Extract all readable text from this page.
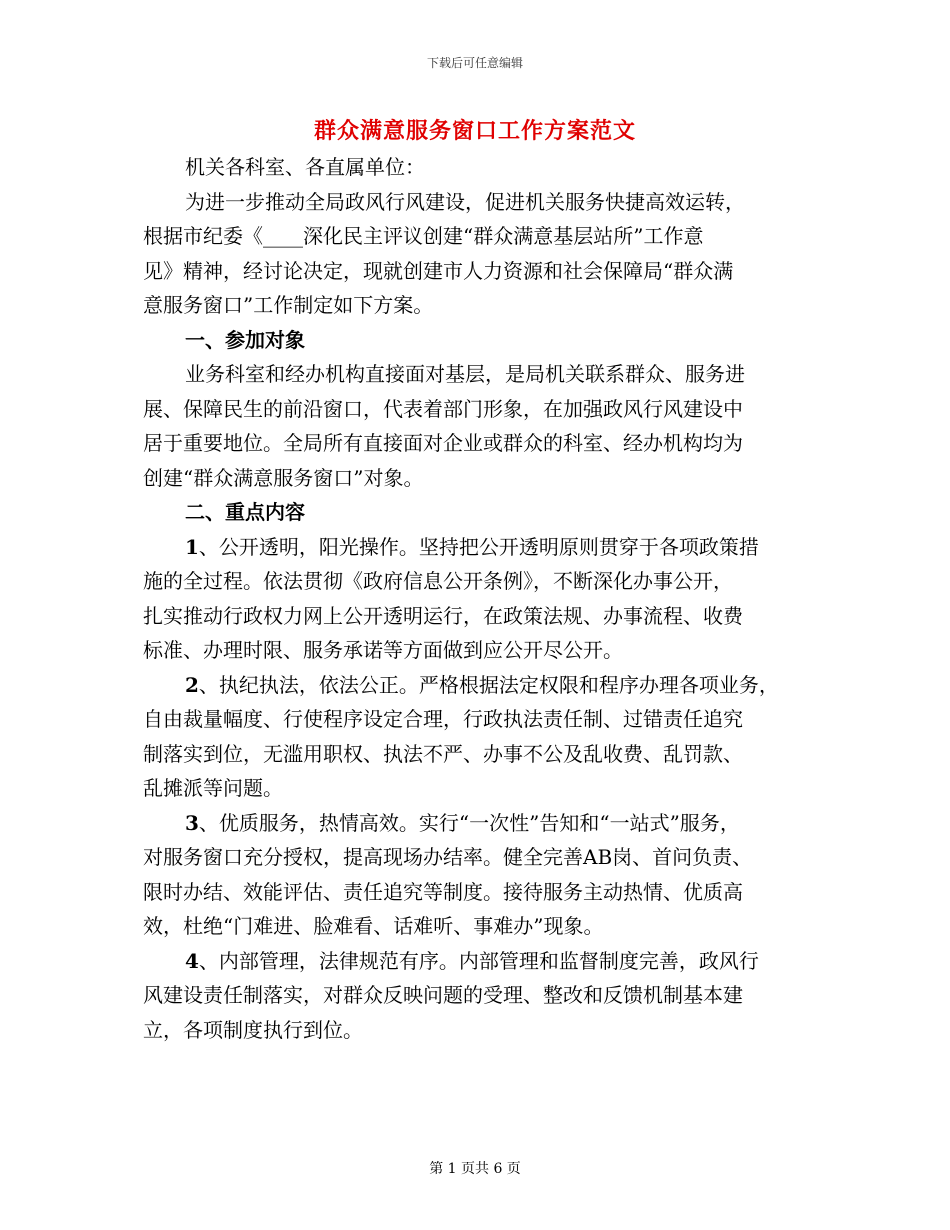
下载后可任意编辑
群众满意服务窗口工作方案范文
机关各科室、各直属单位：
为进一步推动全局政风行风建设，促进机关服务快捷高效运转，
根据市纪委《____深化民主评议创建“群众满意基层站所”工作意
见》精神，经讨论决定，现就创建市人力资源和社会保障局“群众满
意服务窗口”工作制定如下方案。
一、参加对象
业务科室和经办机构直接面对基层，是局机关联系群众、服务进
展、保障民生的前沿窗口，代表着部门形象，在加强政风行风建设中
居于重要地位。全局所有直接面对企业或群众的科室、经办机构均为
创建“群众满意服务窗口”对象。
二、重点内容
1、公开透明，阳光操作。坚持把公开透明原则贯穿于各项政策措
施的全过程。依法贯彻《政府信息公开条例》，不断深化办事公开，
扎实推动行政权力网上公开透明运行，在政策法规、办事流程、收费
标准、办理时限、服务承诺等方面做到应公开尽公开。
2、执纪执法，依法公正。严格根据法定权限和程序办理各项业务，
自由裁量幅度、行使程序设定合理，行政执法责任制、过错责任追究
制落实到位，无滥用职权、执法不严、办事不公及乱收费、乱罚款、
乱摊派等问题。
3、优质服务，热情高效。实行“一次性”告知和“一站式”服务，
对服务窗口充分授权，提高现场办结率。健全完善AB岗、首问负责、
限时办结、效能评估、责任追究等制度。接待服务主动热情、优质高
效，杜绝“门难进、脸难看、话难听、事难办”现象。
4、内部管理，法律规范有序。内部管理和监督制度完善，政风行
风建设责任制落实，对群众反映问题的受理、整改和反馈机制基本建
立，各项制度执行到位。
第 1 页共 6 页
